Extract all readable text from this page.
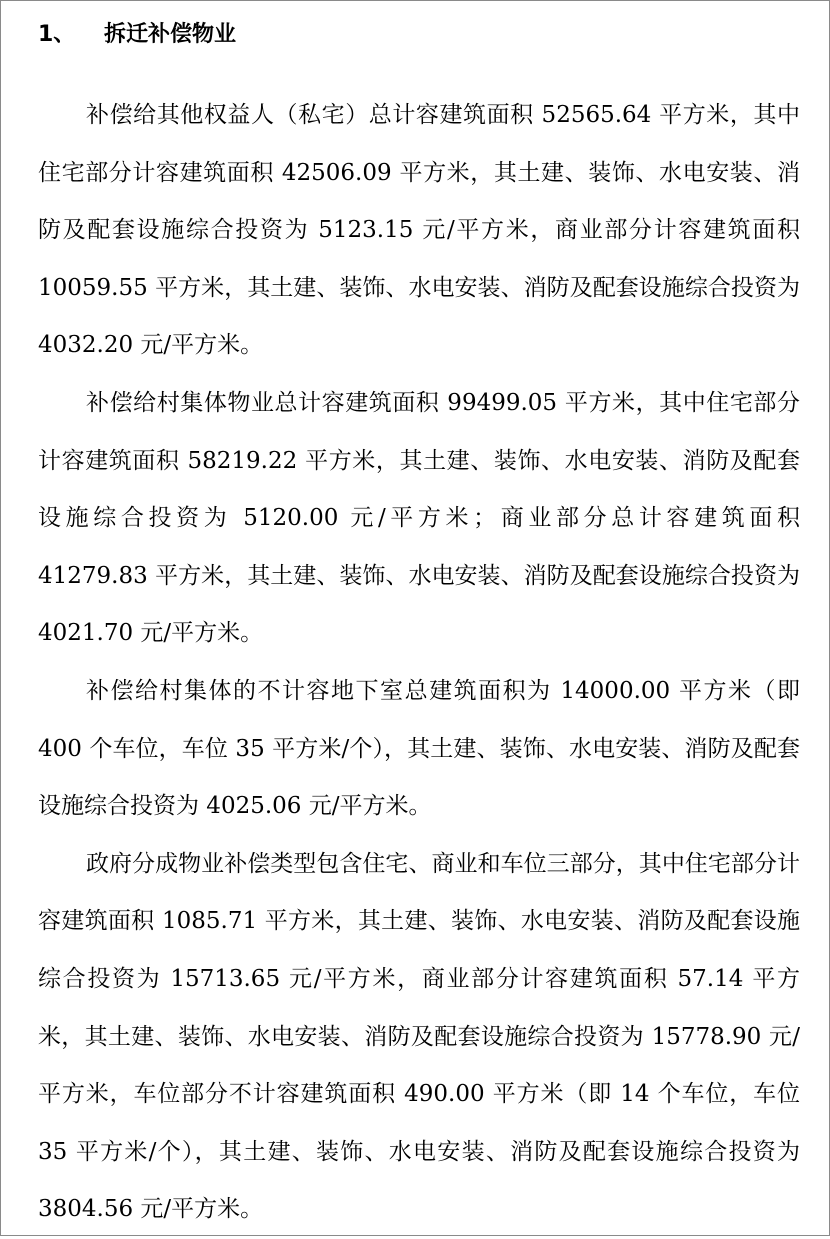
1、 拆迁补偿物业

补偿给其他权益人（私宅）总计容建筑面积 52565.64 平方米，其中住宅部分计容建筑面积 42506.09 平方米，其土建、装饰、水电安装、消防及配套设施综合投资为 5123.15 元/平方米，商业部分计容建筑面积 10059.55 平方米，其土建、装饰、水电安装、消防及配套设施综合投资为 4032.20 元/平方米。

补偿给村集体物业总计容建筑面积 99499.05 平方米，其中住宅部分计容建筑面积 58219.22 平方米，其土建、装饰、水电安装、消防及配套设施综合投资为 5120.00 元/平方米；商业部分总计容建筑面积 41279.83 平方米，其土建、装饰、水电安装、消防及配套设施综合投资为 4021.70 元/平方米。

补偿给村集体的不计容地下室总建筑面积为 14000.00 平方米（即 400 个车位，车位 35 平方米/个），其土建、装饰、水电安装、消防及配套设施综合投资为 4025.06 元/平方米。

政府分成物业补偿类型包含住宅、商业和车位三部分，其中住宅部分计容建筑面积 1085.71 平方米，其土建、装饰、水电安装、消防及配套设施综合投资为 15713.65 元/平方米，商业部分计容建筑面积 57.14 平方米，其土建、装饰、水电安装、消防及配套设施综合投资为 15778.90 元/平方米，车位部分不计容建筑面积 490.00 平方米（即 14 个车位，车位 35 平方米/个），其土建、装饰、水电安装、消防及配套设施综合投资为 3804.56 元/平方米。
